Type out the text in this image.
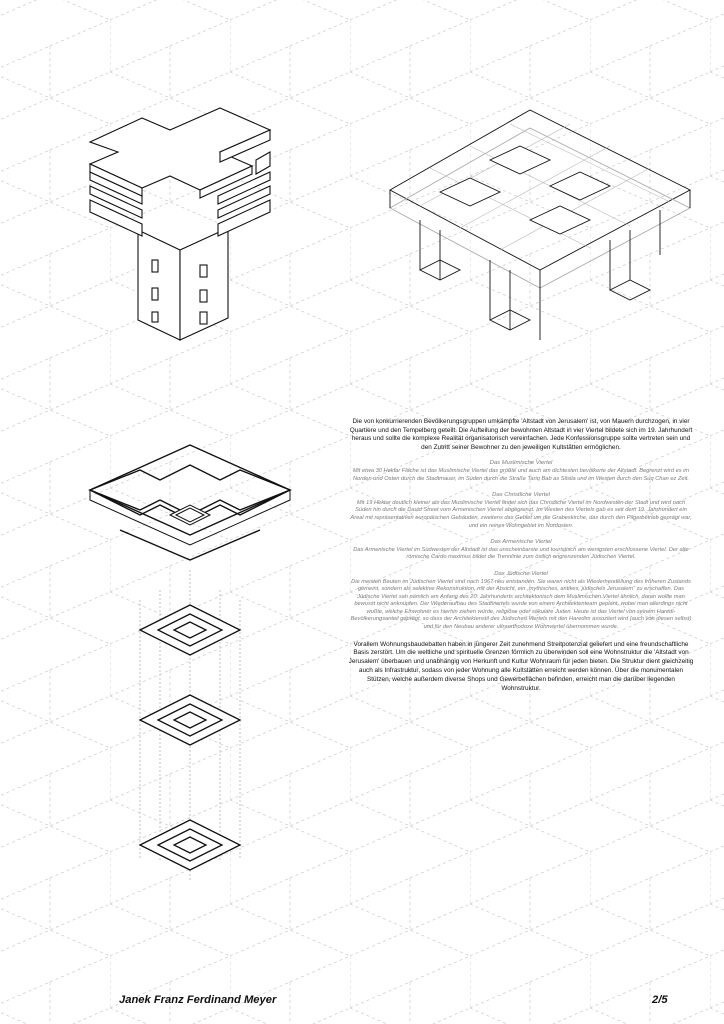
Die von konkurrierenden Bevölkerungsgruppen umkämpfte 'Altstadt von Jerusalem' ist, von Mauern durchzogen, in vier Quartiere und den Tempelberg geteilt. Die Aufteilung der bewohnten Altstadt in vier Viertel bildete sich im 19. Jahrhundert heraus und sollte die komplexe Realität organisatorisch vereinfachen. Jede Konfessionsgruppe sollte vertreten sein und den Zutritt seiner Bewohner zu den jeweiligen Kultstätten ermöglichen.

Das Muslimische Viertel

Mit etwa 30 Hektar Fläche ist das Muslimische Viertel das größte und auch am dichtesten bevölkerte der Altstadt. Begrenzt wird es im Norden und Osten durch die Stadtmauer, im Süden durch die Straße Tariq Bab as Silsila und im Westen durch den Suq Chan ez Zeit.

Das Christliche Viertel

Mit 19 Hektar deutlich kleiner als das Muslimische Viertel findet sich das Christliche Viertel im Nordwesten der Stadt und wird nach Süden hin durch die David Street vom Armenischen Viertel abgegrenzt. Im Westen des Viertels gab es seit dem 19. Jahrhundert ein Areal mit repräsentativen europäischen Gebäuden, zweitens das Gebiet um die Grabeskirche, das durch den Pilgerbetrieb geprägt war, und ein reines Wohngebiet im Nordosten.

Das Armenische Viertel

Das Armenische Viertel im Südwesten der Altstadt ist das unscheinbarste und touristisch am wenigsten erschlossene Viertel. Der alte römische Cardo maximus bildet die Trennlinie zum östlich angrenzenden Jüdischen Viertel.

Das Jüdische Viertel

Die meisten Bauten im Jüdischen Viertel sind nach 1967 neu entstanden. Sie waren nicht als Wiederherstellung des früheren Zustands gemeint, sondern als selektive Rekonstruktion, mit der Absicht, ein „mythisches, antikes, jüdisches Jerusalem“ zu erschaffen. Das Jüdische Viertel sah nämlich am Anfang des 20. Jahrhunderts architektonisch dem Muslimischen Viertel ähnlich, daran wollte man bewusst nicht anknüpfen. Der Wiederaufbau des Stadtviertels wurde von einem Architektenteam geplant, wobei man allerdings nicht wußte, welche Einwohner es hierhin ziehen würde, religiöse oder säkulare Juden. Heute ist das Viertel von seinem Haredi-Bevölkerungsanteil geprägt, so dass der Architektenstil des Jüdischen Viertels mit den Haredim assoziiert wird (auch von diesen selbst) und für den Neubau anderer ultraorthodoxe Wohnviertel übernommen wurde.

Vorallem Wohnungsbaudebatten haben in jüngerer Zeit zunehmend Streitpotenzial geliefert und eine freundschaftliche Basis zerstört. Um die weltliche und spirituelle Grenzen förmlich zu überwinden soll eine Wohnstruktur die 'Altstadt von Jerusalem' überbauen und unabhängig von Herkunft und Kultur Wohnraum für jeden bieten. Die Struktur dient gleichzeitig auch als Infrastruktur, sodass von jeder Wohnung alle Kultstätten erreicht werden können. Über die monumentalen Stützen, welche außerdem diverse Shops und Gewerbeflächen befinden, erreicht man die darüber liegenden Wohnstruktur.

Janek Franz Ferdinand Meyer	2/5
